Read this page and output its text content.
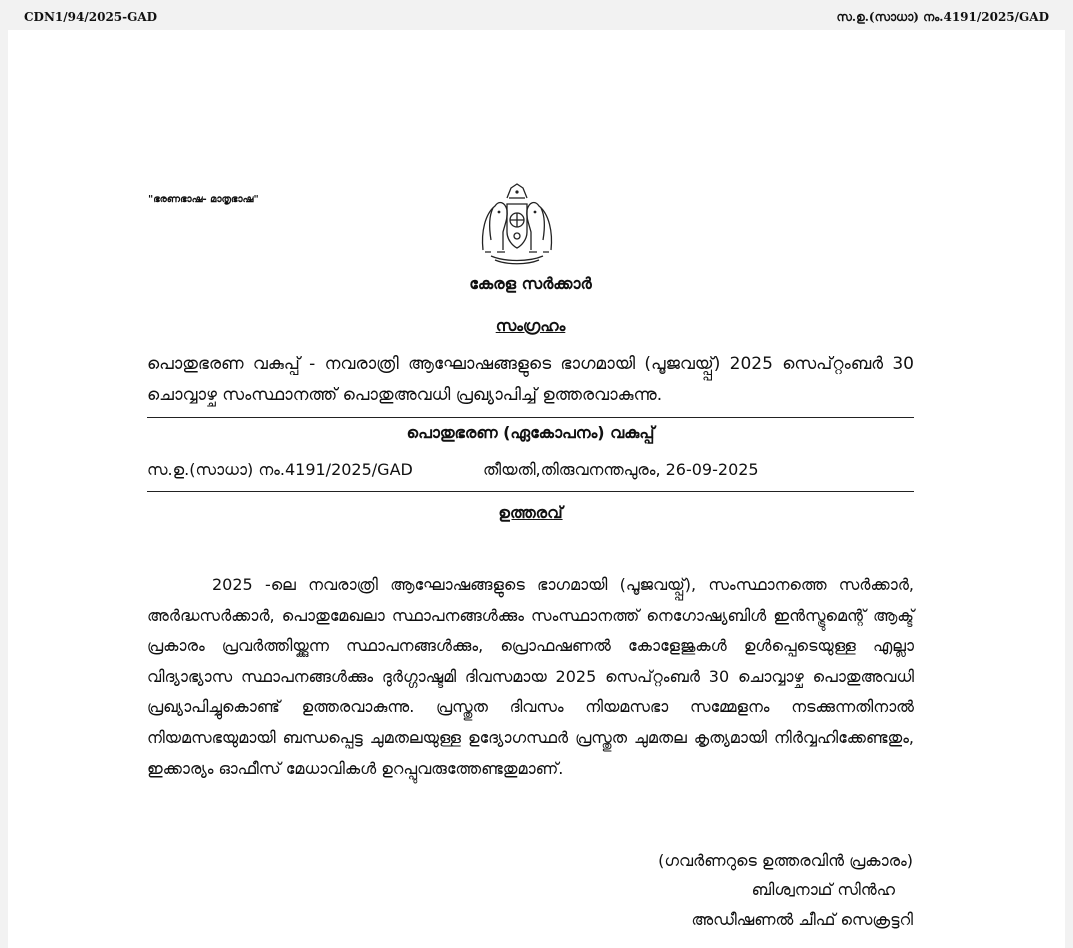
CDN1/94/2025-GAD	സ.ഉ.(സാധാ) നം.4191/2025/GAD
"ഭരണഭാഷ- മാതൃഭാഷ"
കേരള സർക്കാർ
സംഗ്രഹം
പൊതുഭരണ വകുപ്പ് - നവരാത്രി ആഘോഷങ്ങളുടെ ഭാഗമായി (പൂജവയ്പ്പ്) 2025 സെപ്റ്റംബർ 30 ചൊവ്വാഴ്ച സംസ്ഥാനത്ത് പൊതുഅവധി പ്രഖ്യാപിച്ച് ഉത്തരവാകുന്നു.
പൊതുഭരണ (ഏകോപനം) വകുപ്പ്
സ.ഉ.(സാധാ) നം.4191/2025/GAD	തീയതി,തിരുവനന്തപുരം, 26-09-2025
ഉത്തരവ്
2025 -ലെ നവരാത്രി ആഘോഷങ്ങളുടെ ഭാഗമായി (പൂജവയ്പ്പ്), സംസ്ഥാനത്തെ സർക്കാർ, അർദ്ധസർക്കാർ, പൊതുമേഖലാ സ്ഥാപനങ്ങൾക്കും സംസ്ഥാനത്ത് നെഗോഷ്യബിൾ ഇൻസ്ട്രുമെന്റ് ആക്ട് പ്രകാരം പ്രവർത്തിയ്ക്കുന്ന സ്ഥാപനങ്ങൾക്കും, പ്രൊഫഷണൽ കോളേജുകൾ ഉൾപ്പെടെയുള്ള എല്ലാ വിദ്യാഭ്യാസ സ്ഥാപനങ്ങൾക്കും ദുർഗ്ഗാഷ്ടമി ദിവസമായ 2025 സെപ്റ്റംബർ 30 ചൊവ്വാഴ്ച പൊതുഅവധി പ്രഖ്യാപിച്ചുകൊണ്ട് ഉത്തരവാകുന്നു. പ്രസ്തുത ദിവസം നിയമസഭാ സമ്മേളനം നടക്കുന്നതിനാൽ നിയമസഭയുമായി ബന്ധപ്പെട്ട ചുമതലയുള്ള ഉദ്യോഗസ്ഥർ പ്രസ്തുത ചുമതല കൃത്യമായി നിർവ്വഹിക്കേണ്ടതും, ഇക്കാര്യം ഓഫീസ് മേധാവികൾ ഉറപ്പുവരുത്തേണ്ടതുമാണ്.
(ഗവർണറുടെ ഉത്തരവിൻ പ്രകാരം)
ബിശ്വനാഥ് സിൻഹ
അഡീഷണൽ ചീഫ് സെക്രട്ടറി
